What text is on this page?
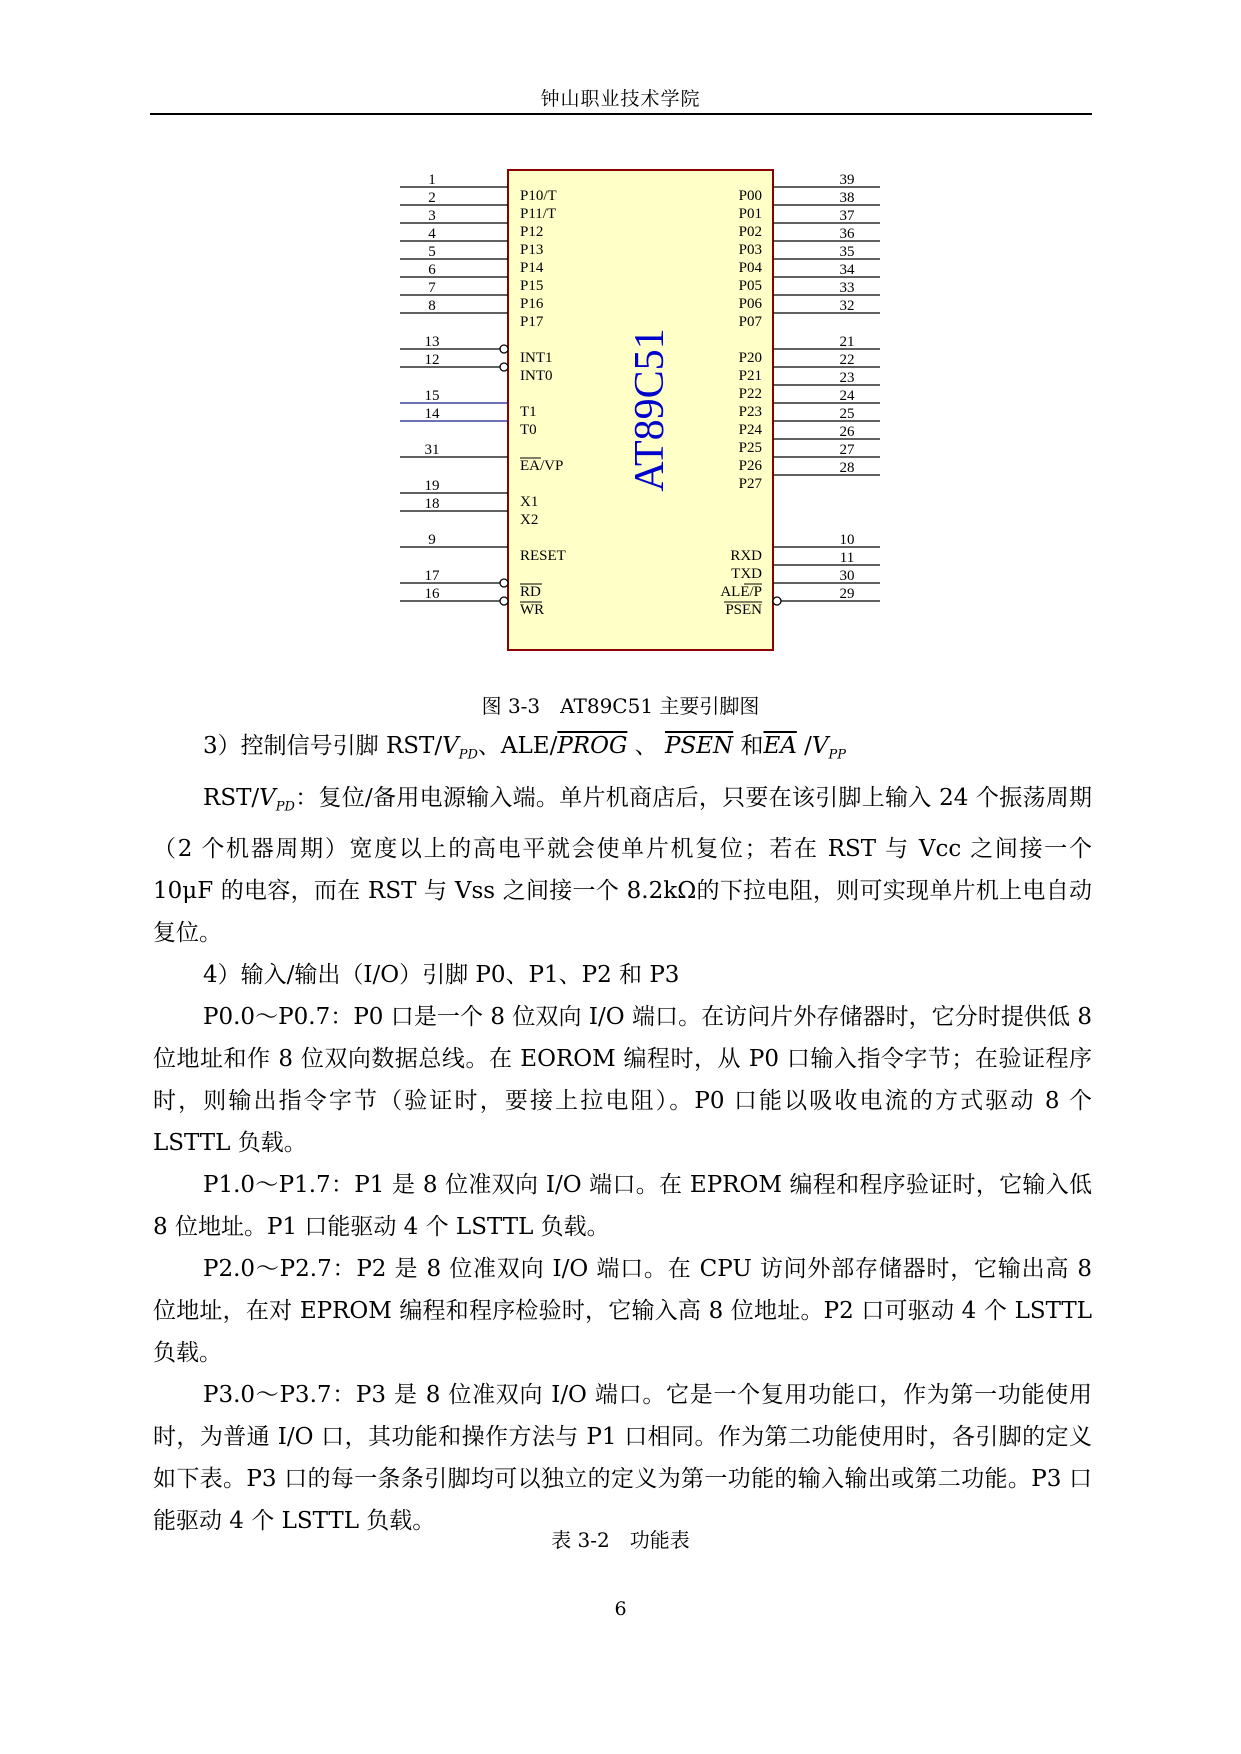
钟山职业技术学院
AT89C51
1
P10/T
2
P11/T
3
P12
4
P13
5
P14
6
P15
7
P16
8
P17
13
INT1
12
INT0
15
T1
14
T0
31
EA/VP
19
X1
18
X2
9
RESET
17
RD
16
WR
39
P00	38
P01	37
P02	36
P03	35
P04	34
P05	33
P06	32
P07
21
P20	22
P21	23
P22	24
P23	25
P24	26
P25	27
P26	28
P27
10
RXD	11
TXD	30
ALE/P	29
PSEN
图 3-3　AT89C51 主要引脚图

3）控制信号引脚 RST/$V_{PD}$、ALE/PROG 、 PSEN 和$\overline{EA}$ $/V_{PP}$

RST/$V_{PD}$：复位/备用电源输入端。单片机商店后，只要在该引脚上输入 24 个振荡周期（2 个机器周期）宽度以上的高电平就会使单片机复位；若在 RST 与 Vcc 之间接一个 10μF 的电容，而在 RST 与 Vss 之间接一个 8.2kΩ的下拉电阻，则可实现单片机上电自动复位。

4）输入/输出（I/O）引脚 P0、P1、P2 和 P3

P0.0～P0.7：P0 口是一个 8 位双向 I/O 端口。在访问片外存储器时，它分时提供低 8 位地址和作 8 位双向数据总线。在 EOROM 编程时，从 P0 口输入指令字节；在验证程序时，则输出指令字节（验证时，要接上拉电阻）。P0 口能以吸收电流的方式驱动 8 个 LSTTL 负载。

P1.0～P1.7：P1 是 8 位准双向 I/O 端口。在 EPROM 编程和程序验证时，它输入低 8 位地址。P1 口能驱动 4 个 LSTTL 负载。

P2.0～P2.7：P2 是 8 位准双向 I/O 端口。在 CPU 访问外部存储器时，它输出高 8 位地址，在对 EPROM 编程和程序检验时，它输入高 8 位地址。P2 口可驱动 4 个 LSTTL 负载。

P3.0～P3.7：P3 是 8 位准双向 I/O 端口。它是一个复用功能口，作为第一功能使用时，为普通 I/O 口，其功能和操作方法与 P1 口相同。作为第二功能使用时，各引脚的定义如下表。P3 口的每一条条引脚均可以独立的定义为第一功能的输入输出或第二功能。P3 口能驱动 4 个 LSTTL 负载。

表 3-2　功能表
6
